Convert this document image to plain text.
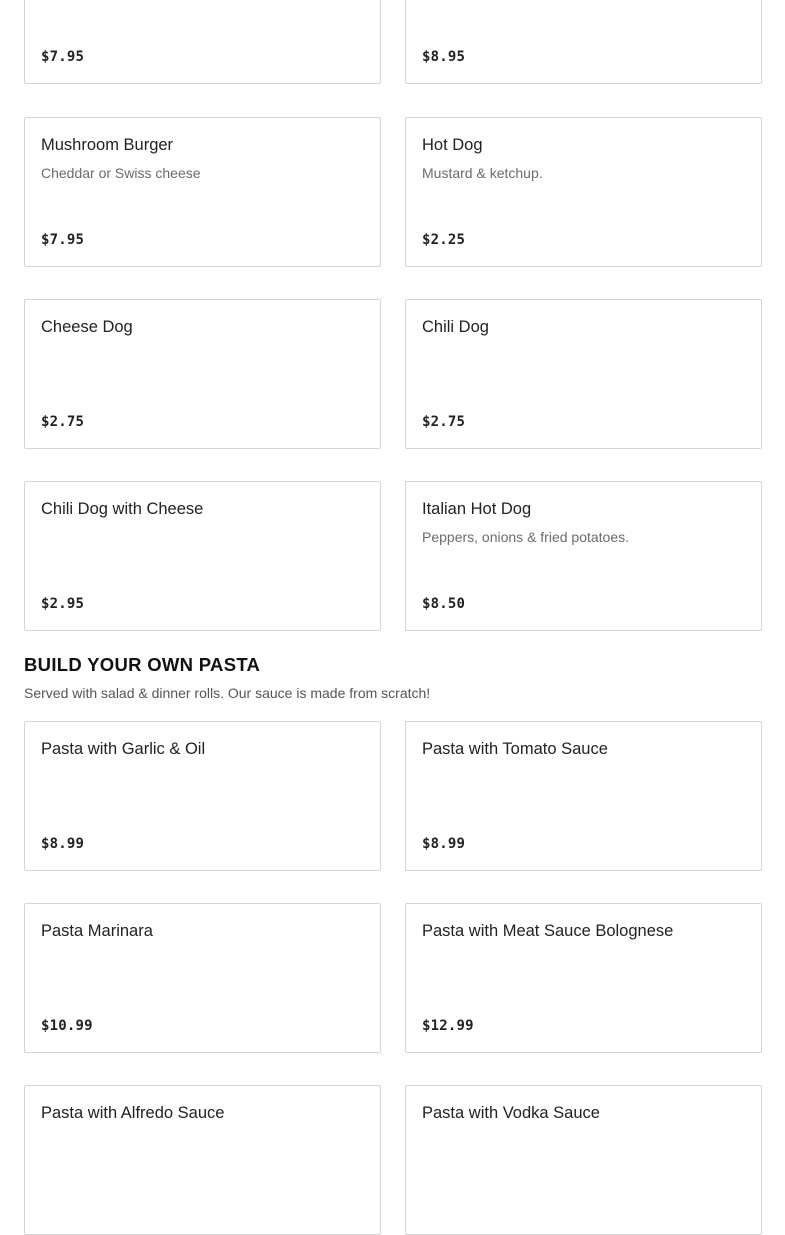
$7.95	$8.95
Mushroom Burger
Cheddar or Swiss cheese
$7.95
Hot Dog
Mustard & ketchup.
$2.25
Cheese Dog
$2.75
Chili Dog
$2.75
Chili Dog with Cheese
$2.95
Italian Hot Dog
Peppers, onions & fried potatoes.
$8.50
BUILD YOUR OWN PASTA
Served with salad & dinner rolls. Our sauce is made from scratch!
Pasta with Garlic & Oil
$8.99
Pasta with Tomato Sauce
$8.99
Pasta Marinara
$10.99
Pasta with Meat Sauce Bolognese
$12.99
Pasta with Alfredo Sauce	Pasta with Vodka Sauce
